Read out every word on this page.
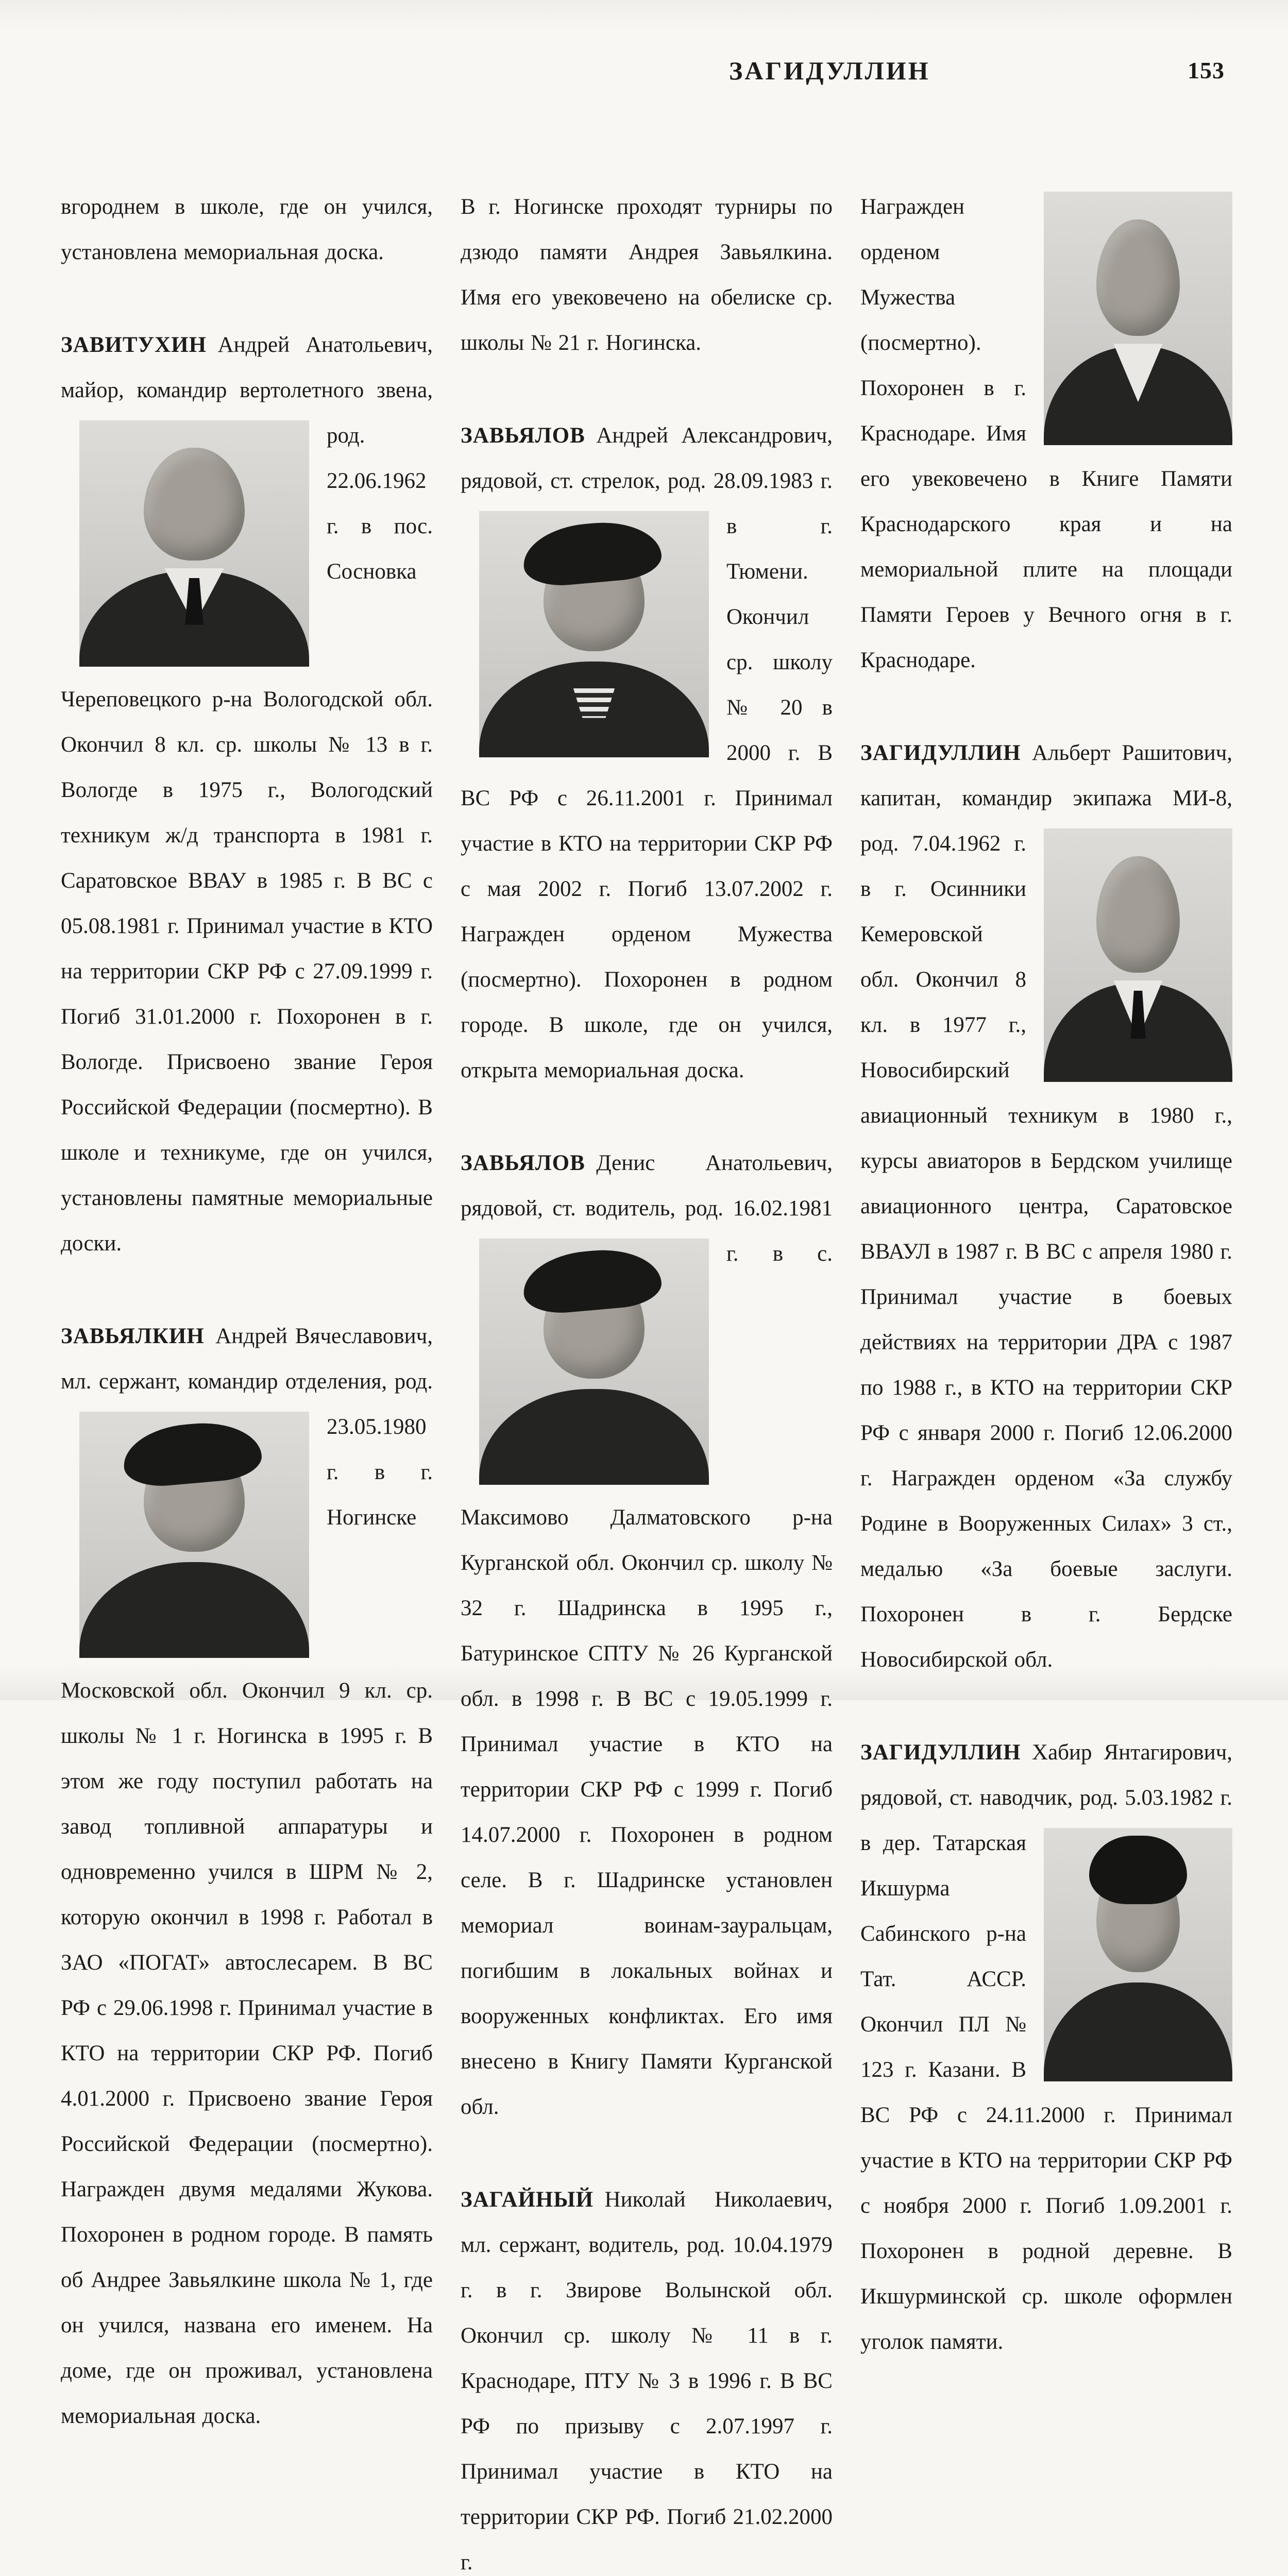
ЗАГИДУЛЛИН	153

вгороднем в школе, где он учился, установлена мемориальная доска.

ЗАВИТУХИН  Андрей Анатольевич, майор, командир
вертолетного звена, род. 22.06.1962 г. в пос. Сосновка Череповецкого р-на Вологодской обл. Окончил 8 кл. ср. школы № 13 в г. Вологде в 1975 г., Вологодский техникум ж/д транспорта в 1981 г. Саратовское ВВАУ в 1985 г. В ВС с 05.08.1981 г. Принимал участие в КТО на территории СКР РФ с 27.09.1999 г. Погиб 31.01.2000 г. Похоронен в г. Вологде. Присвоено звание Героя Российской Федерации (посмертно). В школе и техникуме, где он учился, установлены памятные мемориальные доски.

ЗАВЬЯЛКИН  Андрей Вячеславович, мл. сержант, командир
отделения, род. 23.05.1980 г. в г. Ногинске Московской обл. Окончил 9 кл. ср. школы № 1 г. Ногинска в 1995 г. В этом же году поступил работать на завод топливной аппаратуры и одновременно учился в ШРМ № 2, которую окончил в 1998 г. Работал в ЗАО «ПОГАТ» автослесарем. В ВС РФ с 29.06.1998 г. Принимал участие в КТО на территории СКР РФ. Погиб 4.01.2000 г. Присвоено звание Героя Российской Федерации (посмертно). Награжден двумя медалями Жукова. Похоронен в родном городе. В память об Андрее Завьялкине школа № 1, где он учился, названа его именем. На доме, где он проживал, установлена мемориальная доска.

В г. Ногинске проходят турниры по дзюдо памяти Андрея Завьялкина. Имя его увековечено на обелиске ср. школы № 21 г. Ногинска.

ЗАВЬЯЛОВ  Андрей Александрович, рядовой, ст. стрелок, род.
28.09.1983 г. в г. Тюмени. Окончил ср. школу № 20 в 2000 г. В ВС РФ с 26.11.2001 г. Принимал участие в КТО на территории СКР РФ с мая 2002 г. Погиб 13.07.2002 г. Награжден орденом Мужества (посмертно). Похоронен в родном городе. В школе, где он учился, открыта мемориальная доска.

ЗАВЬЯЛОВ  Денис Анатольевич, рядовой, ст. водитель, род.
16.02.1981 г. в с. Максимово Далматовского р-на Курганской обл. Окончил ср. школу № 32 г. Шадринска в 1995 г., Батуринское СПТУ № 26 Курганской обл. в 1998 г. В ВС с 19.05.1999 г. Принимал участие в КТО на территории СКР РФ с 1999 г. Погиб 14.07.2000 г. Похоронен в родном селе. В г. Шадринске установлен мемориал воинам-зауральцам, погибшим в локальных войнах и вооруженных конфликтах. Его имя внесено в Книгу Памяти Курганской обл.

ЗАГАЙНЫЙ  Николай Николаевич, мл. сержант, водитель, род. 10.04.1979 г. в г. Звирове Волынской обл. Окончил ср. школу № 11 в г. Краснодаре, ПТУ № 3 в 1996 г. В ВС РФ по призыву с 2.07.1997 г. Принимал участие в КТО на территории СКР РФ. Погиб 21.02.2000 г.

Награжден орденом Мужества (посмертно). Похоронен в г. Краснодаре. Имя его увековечено в Книге Памяти Краснодарского края и на мемориальной плите на площади Памяти Героев у Вечного огня в г. Краснодаре.

ЗАГИДУЛЛИН  Альберт Рашитович, капитан, командир экипажа МИ-8,
род. 7.04.1962 г. в г. Осинники Кемеровской обл. Окончил 8 кл. в 1977 г., Новосибирский авиационный техникум в 1980 г., курсы авиаторов в Бердском училище авиационного центра, Саратовское ВВАУЛ в 1987 г. В ВС с апреля 1980 г. Принимал участие в боевых действиях на территории ДРА с 1987 по 1988 г., в КТО на территории СКР РФ с января 2000 г. Погиб 12.06.2000 г. Награжден орденом «За службу Родине в Вооруженных Силах» 3 ст., медалью «За боевые заслуги. Похоронен в г. Бердске Новосибирской обл.

ЗАГИДУЛЛИН  Хабир Янтагирович, рядовой, ст. наводчик, род.
5.03.1982 г. в дер. Татарская Икшурма Сабинского р-на Тат. АССР. Окончил ПЛ № 123 г. Казани. В ВС РФ с 24.11.2000 г. Принимал участие в КТО на территории СКР РФ с ноября 2000 г. Погиб 1.09.2001 г. Похоронен в родной деревне. В Икшурминской ср. школе оформлен уголок памяти.
